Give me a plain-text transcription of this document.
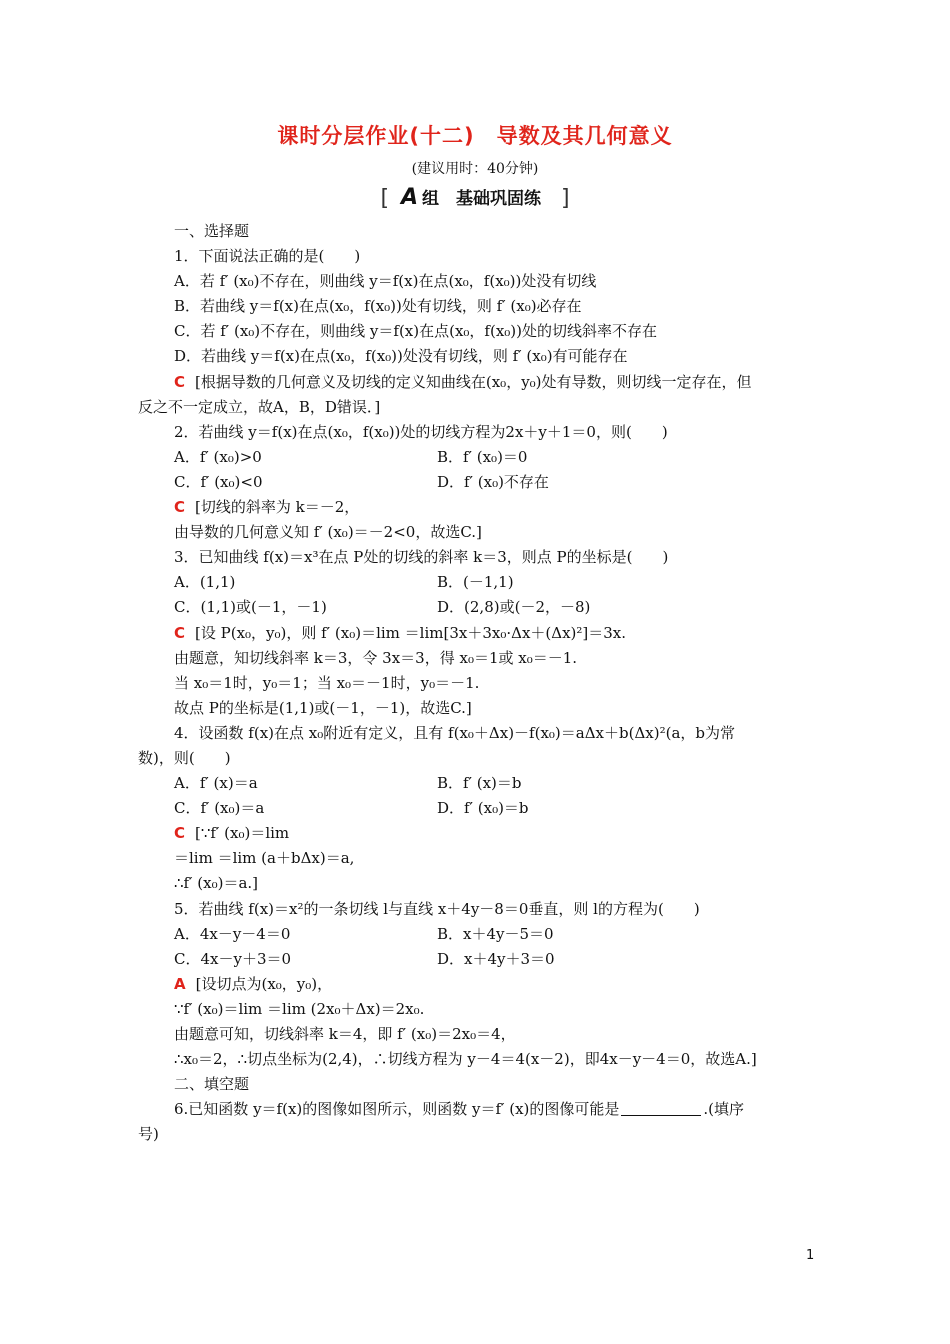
课时分层作业(十二) 导数及其几何意义
(建议用时：40分钟)
[ A 组　基础巩固练 ]
一、选择题
1．下面说法正确的是(　　)
A．若 f′ (x₀)不存在，则曲线 y＝f(x)在点(x₀，f(x₀))处没有切线
B．若曲线 y＝f(x)在点(x₀，f(x₀))处有切线，则 f′ (x₀)必存在
C．若 f′ (x₀)不存在，则曲线 y＝f(x)在点(x₀，f(x₀))处的切线斜率不存在
D．若曲线 y＝f(x)在点(x₀，f(x₀))处没有切线，则 f′ (x₀)有可能存在
C [根据导数的几何意义及切线的定义知曲线在(x₀，y₀)处有导数，则切线一定存在，但
反之不一定成立，故A，B，D错误．]
2．若曲线 y＝f(x)在点(x₀，f(x₀))处的切线方程为2x＋y＋1＝0，则(　　)
A．f′ (x₀)>0	B．f′ (x₀)＝0
C．f′ (x₀)<0	D．f′ (x₀)不存在
C [切线的斜率为 k＝－2，
由导数的几何意义知 f′ (x₀)＝－2<0，故选C.]
3．已知曲线 f(x)＝x³在点 P处的切线的斜率 k＝3，则点 P的坐标是(　　)
A．(1,1)	B．(－1,1)
C．(1,1)或(－1，－1)	D．(2,8)或(－2，－8)
C [设 P(x₀，y₀)，则 f′ (x₀)＝lim ＝lim[3x＋3x₀·Δx＋(Δx)²]＝3x.
由题意，知切线斜率 k＝3，令 3x＝3，得 x₀＝1或 x₀＝－1.
当 x₀＝1时，y₀＝1；当 x₀＝－1时，y₀＝－1.
故点 P的坐标是(1,1)或(－1，－1)，故选C.]
4．设函数 f(x)在点 x₀附近有定义，且有 f(x₀＋Δx)－f(x₀)＝aΔx＋b(Δx)²(a，b为常
数)，则(　　)
A．f′ (x)＝a	B．f′ (x)＝b
C．f′ (x₀)＝a	D．f′ (x₀)＝b
C [∵f′ (x₀)＝lim
＝lim ＝lim (a＋bΔx)＝a,
∴f′ (x₀)＝a.]
5．若曲线 f(x)＝x²的一条切线 l与直线 x＋4y－8＝0垂直，则 l的方程为(　　)
A．4x－y－4＝0	B．x＋4y－5＝0
C．4x－y＋3＝0	D．x＋4y＋3＝0
A [设切点为(x₀，y₀)，
∵f′ (x₀)＝lim ＝lim (2x₀＋Δx)＝2x₀.
由题意可知，切线斜率 k＝4，即 f′ (x₀)＝2x₀＝4，
∴x₀＝2，∴切点坐标为(2,4)，∴切线方程为 y－4＝4(x－2)，即4x－y－4＝0，故选A.]
二、填空题
6.已知函数 y＝f(x)的图像如图所示，则函数 y＝f′ (x)的图像可能是	.(填序
号)
1
